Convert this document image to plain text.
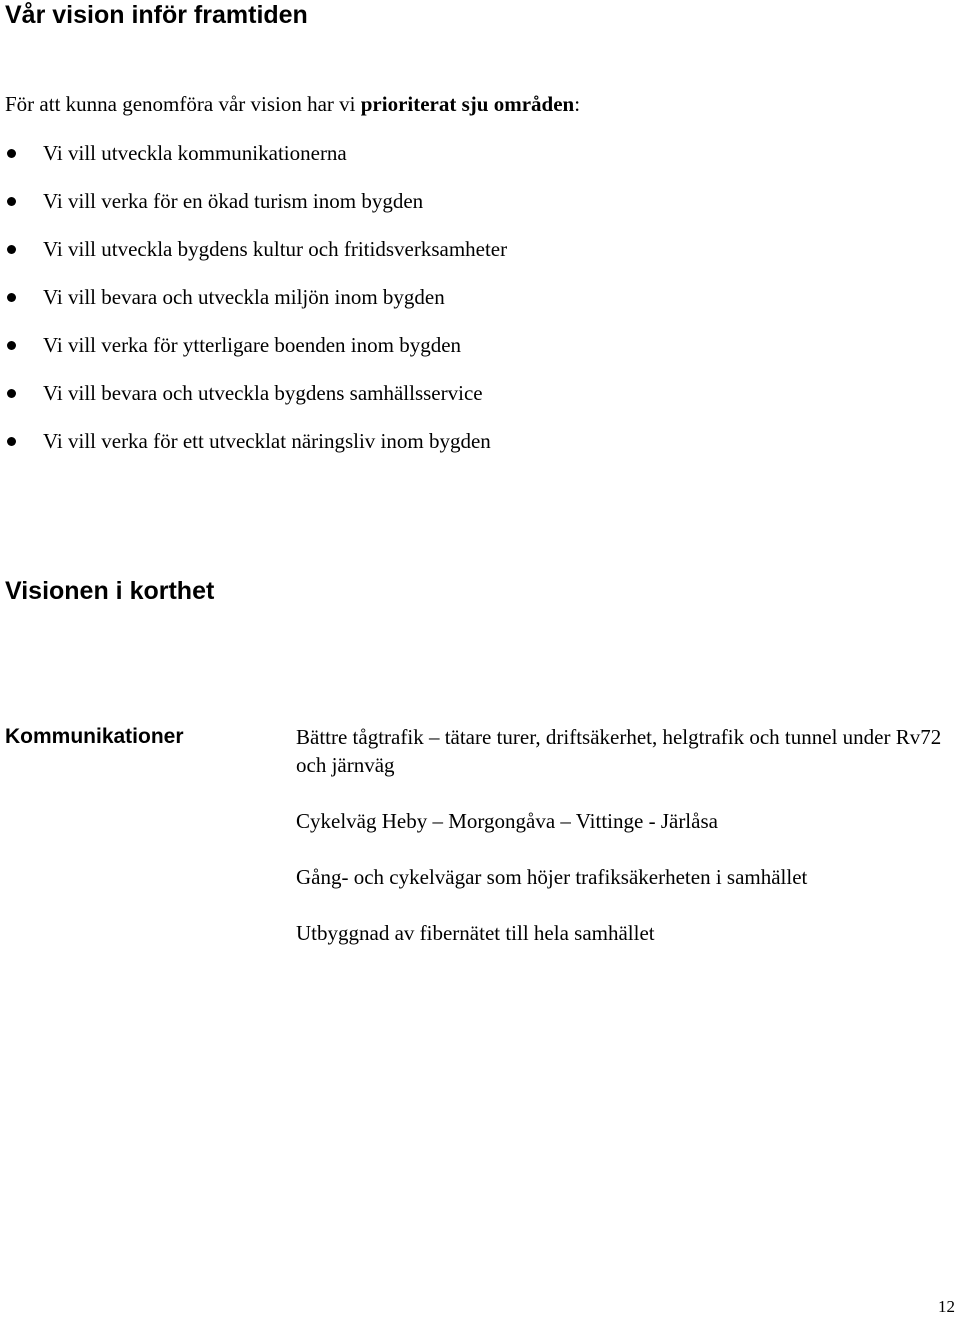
Vår vision inför framtiden

För att kunna genomföra vår vision har vi prioriterat sju områden:

Vi vill utveckla kommunikationerna
Vi vill verka för en ökad turism inom bygden
Vi vill utveckla bygdens kultur och fritidsverksamheter
Vi vill bevara och utveckla miljön inom bygden
Vi vill verka för ytterligare boenden inom bygden
Vi vill bevara och utveckla bygdens samhällsservice
Vi vill verka för ett utvecklat näringsliv inom bygden
Visionen i korthet

Kommunikationer	Bättre tågtrafik – tätare turer, driftsäkerhet, helgtrafik och tunnel under Rv72 och järnväg

Cykelväg Heby – Morgongåva – Vittinge - Järlåsa

Gång- och cykelvägar som höjer trafiksäkerheten i samhället

Utbyggnad av fibernätet till hela samhället

12
